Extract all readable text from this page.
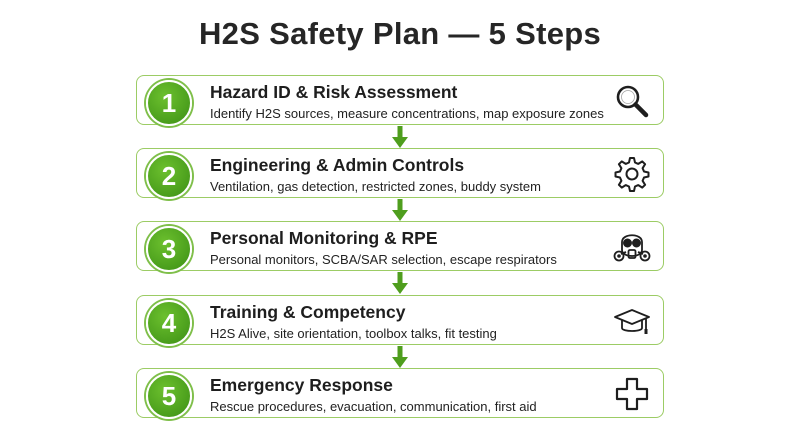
H2S Safety Plan — 5 Steps
1	Hazard ID & Risk Assessment
Identify H2S sources, measure concentrations, map exposure zones
2	Engineering & Admin Controls
Ventilation, gas detection, restricted zones, buddy system
3	Personal Monitoring & RPE
Personal monitors, SCBA/SAR selection, escape respirators
4	Training & Competency
H2S Alive, site orientation, toolbox talks, fit testing
5	Emergency Response
Rescue procedures, evacuation, communication, first aid
